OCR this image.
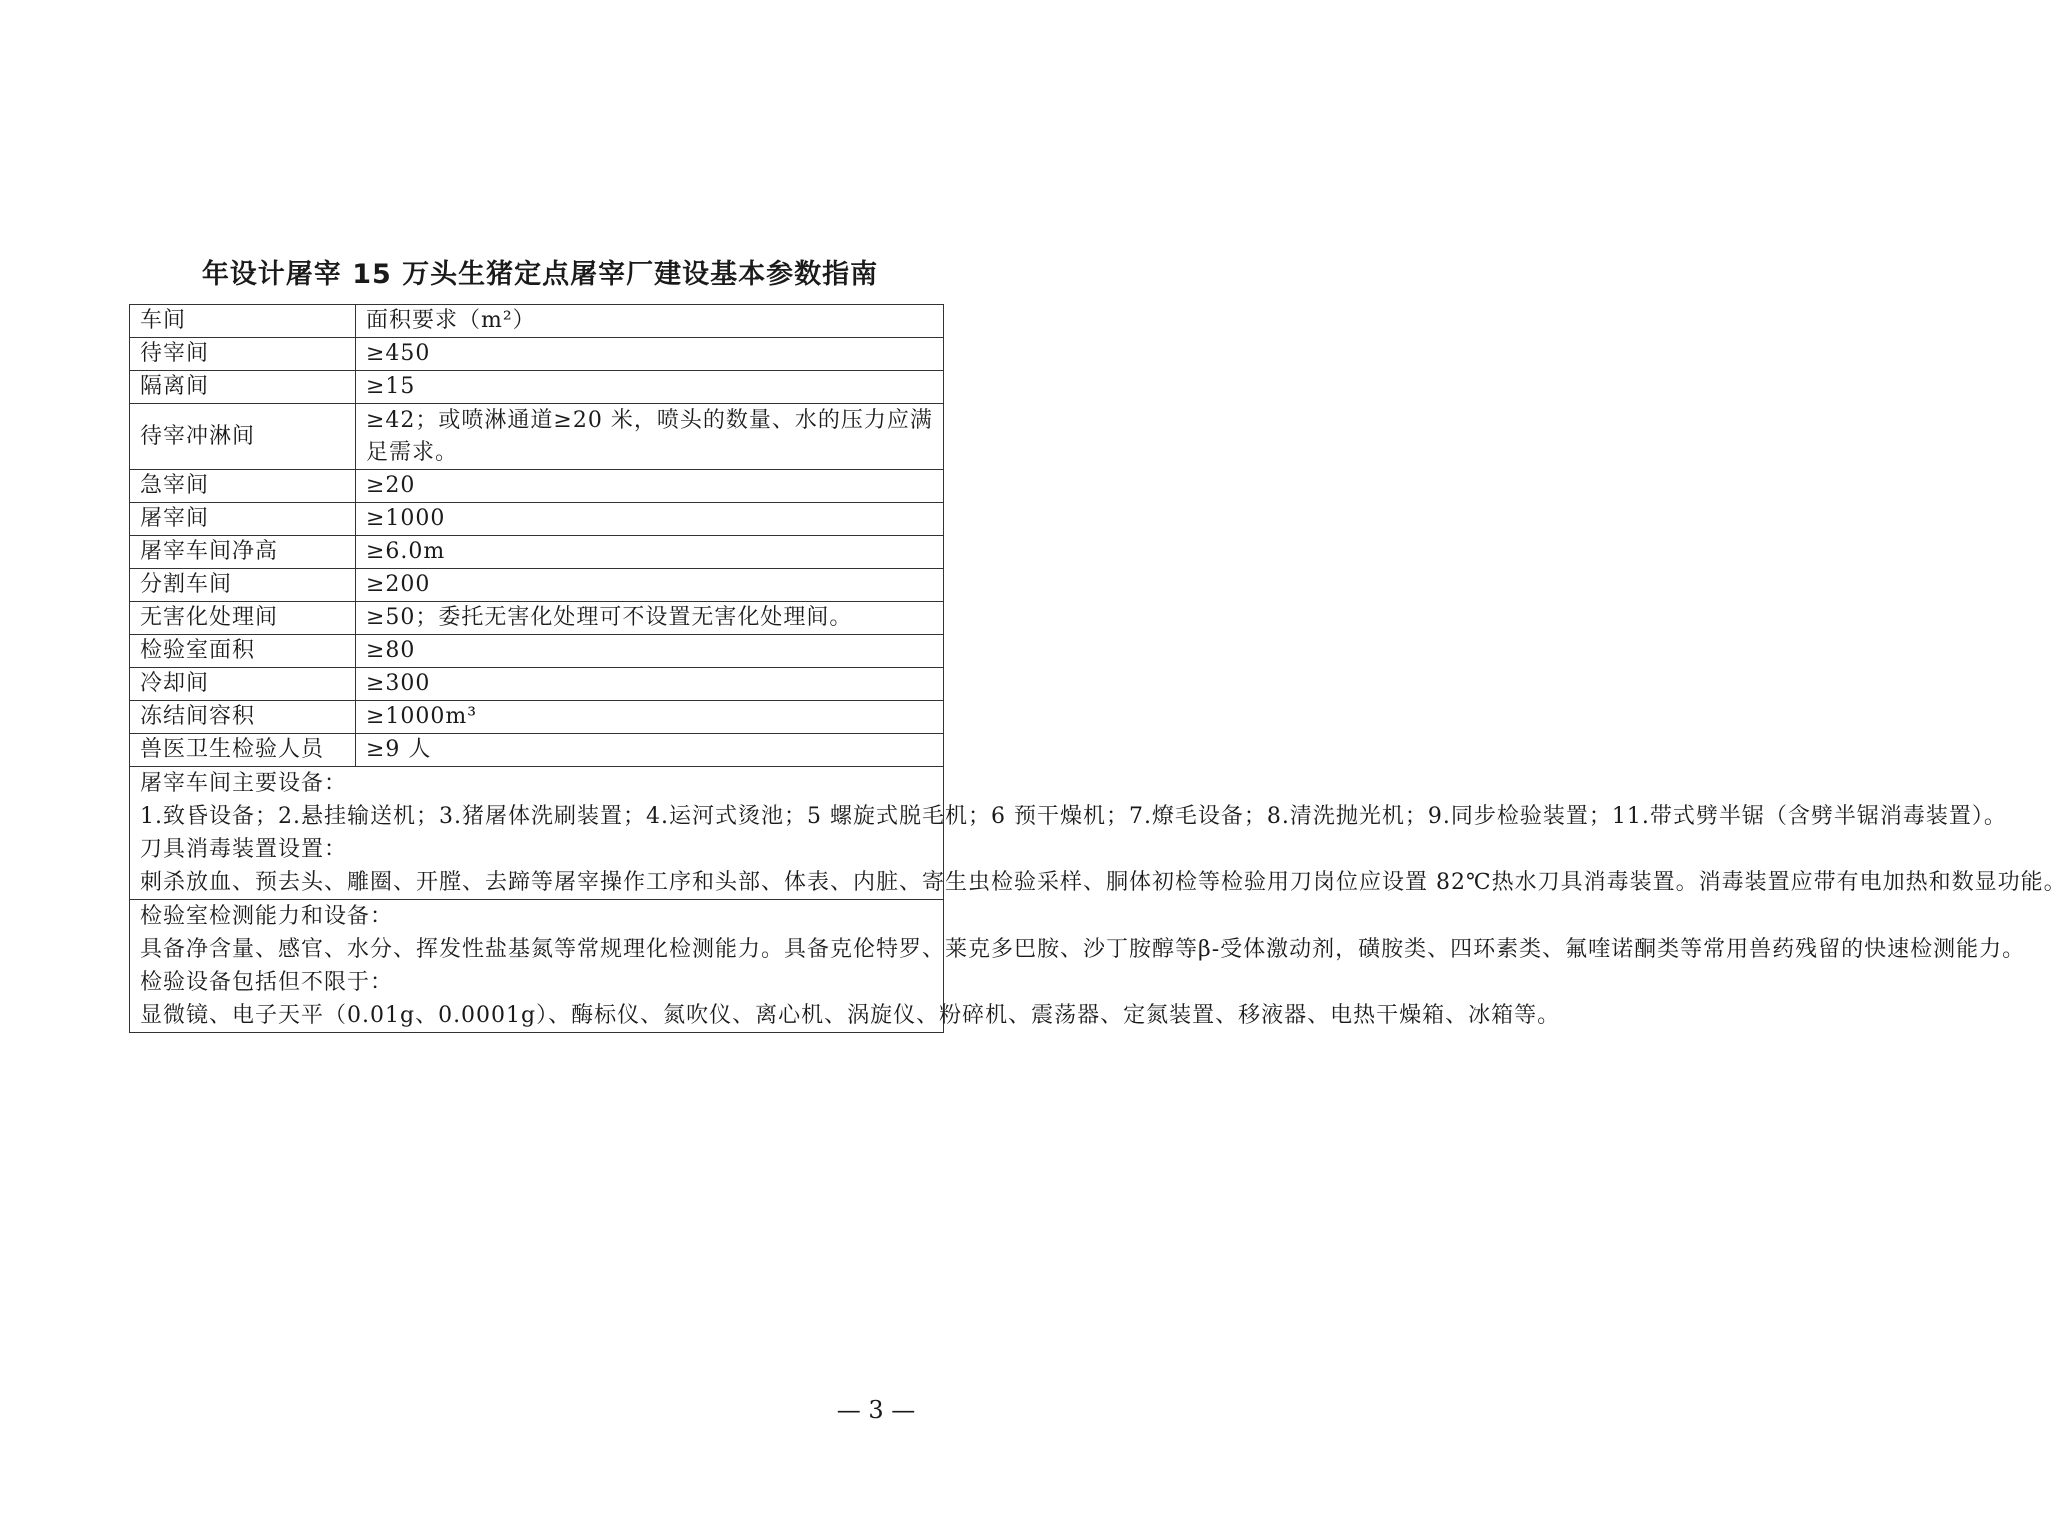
年设计屠宰 15 万头生猪定点屠宰厂建设基本参数指南
车间	面积要求（m²）
待宰间	≥450
隔离间	≥15
待宰冲淋间	≥42；或喷淋通道≥20 米，喷头的数量、水的压力应满足需求。
急宰间	≥20
屠宰间	≥1000
屠宰车间净高	≥6.0m
分割车间	≥200
无害化处理间	≥50；委托无害化处理可不设置无害化处理间。
检验室面积	≥80
冷却间	≥300
冻结间容积	≥1000m³
兽医卫生检验人员	≥9 人

屠宰车间主要设备：

1.致昏设备；2.悬挂输送机；3.猪屠体洗刷装置；4.运河式烫池；5 螺旋式脱毛机；6 预干燥机；7.燎毛设备；8.清洗抛光机；9.同步检验装置；11.带式劈半锯（含劈半锯消毒装置）。

刀具消毒装置设置：

刺杀放血、预去头、雕圈、开膛、去蹄等屠宰操作工序和头部、体表、内脏、寄生虫检验采样、胴体初检等检验用刀岗位应设置 82℃热水刀具消毒装置。消毒装置应带有电加热和数显功能。	

检验室检测能力和设备：

具备净含量、感官、水分、挥发性盐基氮等常规理化检测能力。具备克伦特罗、莱克多巴胺、沙丁胺醇等β-受体激动剂，磺胺类、四环素类、氟喹诺酮类等常用兽药残留的快速检测能力。

检验设备包括但不限于：

显微镜、电子天平（0.01g、0.0001g）、酶标仪、氮吹仪、离心机、涡旋仪、粉碎机、震荡器、定氮装置、移液器、电热干燥箱、冰箱等。	

— 3 —
